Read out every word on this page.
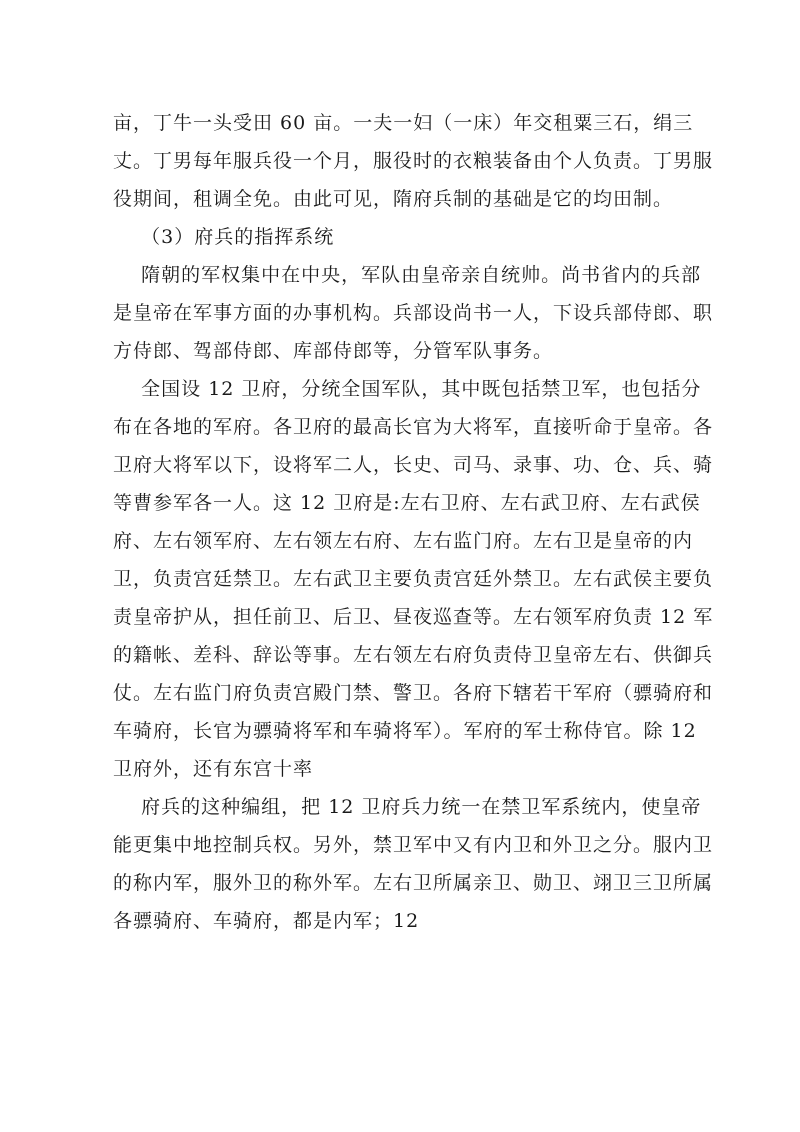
亩，丁牛一头受田 60 亩。一夫一妇（一床）年交租粟三石，绢三
丈。丁男每年服兵役一个月，服役时的衣粮装备由个人负责。丁男服
役期间，租调全免。由此可见，隋府兵制的基础是它的均田制。
（3）府兵的指挥系统
隋朝的军权集中在中央，军队由皇帝亲自统帅。尚书省内的兵部
是皇帝在军事方面的办事机构。兵部设尚书一人，下设兵部侍郎、职
方侍郎、驾部侍郎、库部侍郎等，分管军队事务。
全国设 12 卫府，分统全国军队，其中既包括禁卫军，也包括分
布在各地的军府。各卫府的最高长官为大将军，直接听命于皇帝。各
卫府大将军以下，设将军二人，长史、司马、录事、功、仓、兵、骑
等曹参军各一人。这 12 卫府是:左右卫府、左右武卫府、左右武侯
府、左右领军府、左右领左右府、左右监门府。左右卫是皇帝的内
卫，负责宫廷禁卫。左右武卫主要负责宫廷外禁卫。左右武侯主要负
责皇帝护从，担任前卫、后卫、昼夜巡查等。左右领军府负责 12 军
的籍帐、差科、辞讼等事。左右领左右府负责侍卫皇帝左右、供御兵
仗。左右监门府负责宫殿门禁、警卫。各府下辖若干军府（骠骑府和
车骑府，长官为骠骑将军和车骑将军）。军府的军士称侍官。除 12
卫府外，还有东宫十率
府兵的这种编组，把 12 卫府兵力统一在禁卫军系统内，使皇帝
能更集中地控制兵权。另外，禁卫军中又有内卫和外卫之分。服内卫
的称内军，服外卫的称外军。左右卫所属亲卫、勋卫、翊卫三卫所属
各骠骑府、车骑府，都是内军；12
